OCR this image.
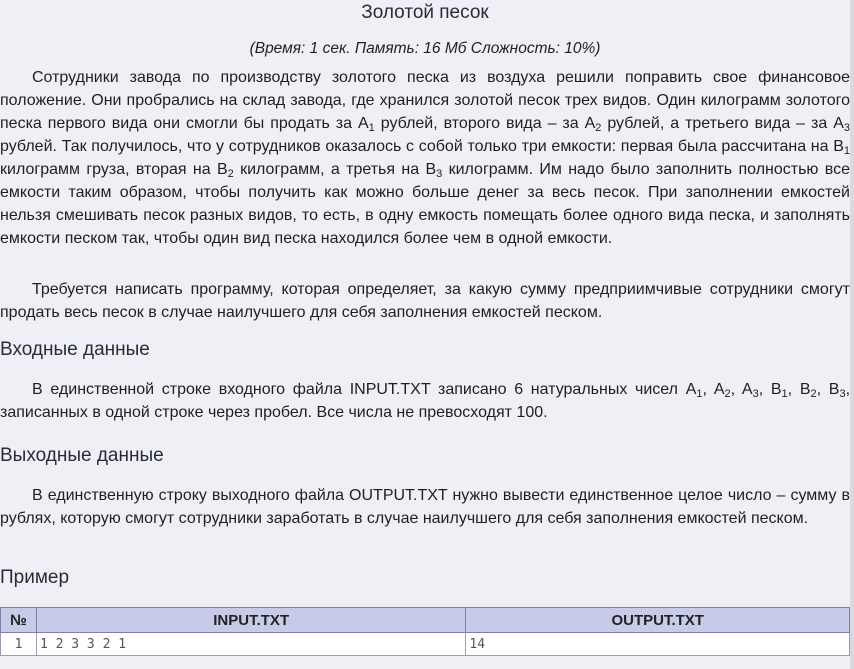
Золотой песок
(Время: 1 сек. Память: 16 Мб Сложность: 10%)

Сотрудники завода по производству золотого песка из воздуха решили поправить свое финансовое положение. Они пробрались на склад завода, где хранился золотой песок трех видов. Один килограмм золотого песка первого вида они смогли бы продать за $A_1$ рублей, второго вида – за $A_2$ рублей, а третьего вида – за $A_3$ рублей. Так получилось, что у сотрудников оказалось с собой только три емкости: первая была рассчитана на $B_1$ килограмм груза, вторая на $B_2$ килограмм, а третья на $B_3$ килограмм. Им надо было заполнить полностью все емкости таким образом, чтобы получить как можно больше денег за весь песок. При заполнении емкостей нельзя смешивать песок разных видов, то есть, в одну емкость помещать более одного вида песка, и заполнять емкости песком так, чтобы один вид песка находился более чем в одной емкости.

Требуется написать программу, которая определяет, за какую сумму предприимчивые сотрудники смогут продать весь песок в случае наилучшего для себя заполнения емкостей песком.

Входные данные

В единственной строке входного файла INPUT.TXT записано 6 натуральных чисел $A_1$, $A_2$, $A_3$, $B_1$, $B_2$, $B_3$, записанных в одной строке через пробел. Все числа не превосходят 100.

Выходные данные

В единственную строку выходного файла OUTPUT.TXT нужно вывести единственное целое число – сумму в рублях, которую смогут сотрудники заработать в случае наилучшего для себя заполнения емкостей песком.

Пример
№	INPUT.TXT	OUTPUT.TXT
1	1 2 3 3 2 1	14
